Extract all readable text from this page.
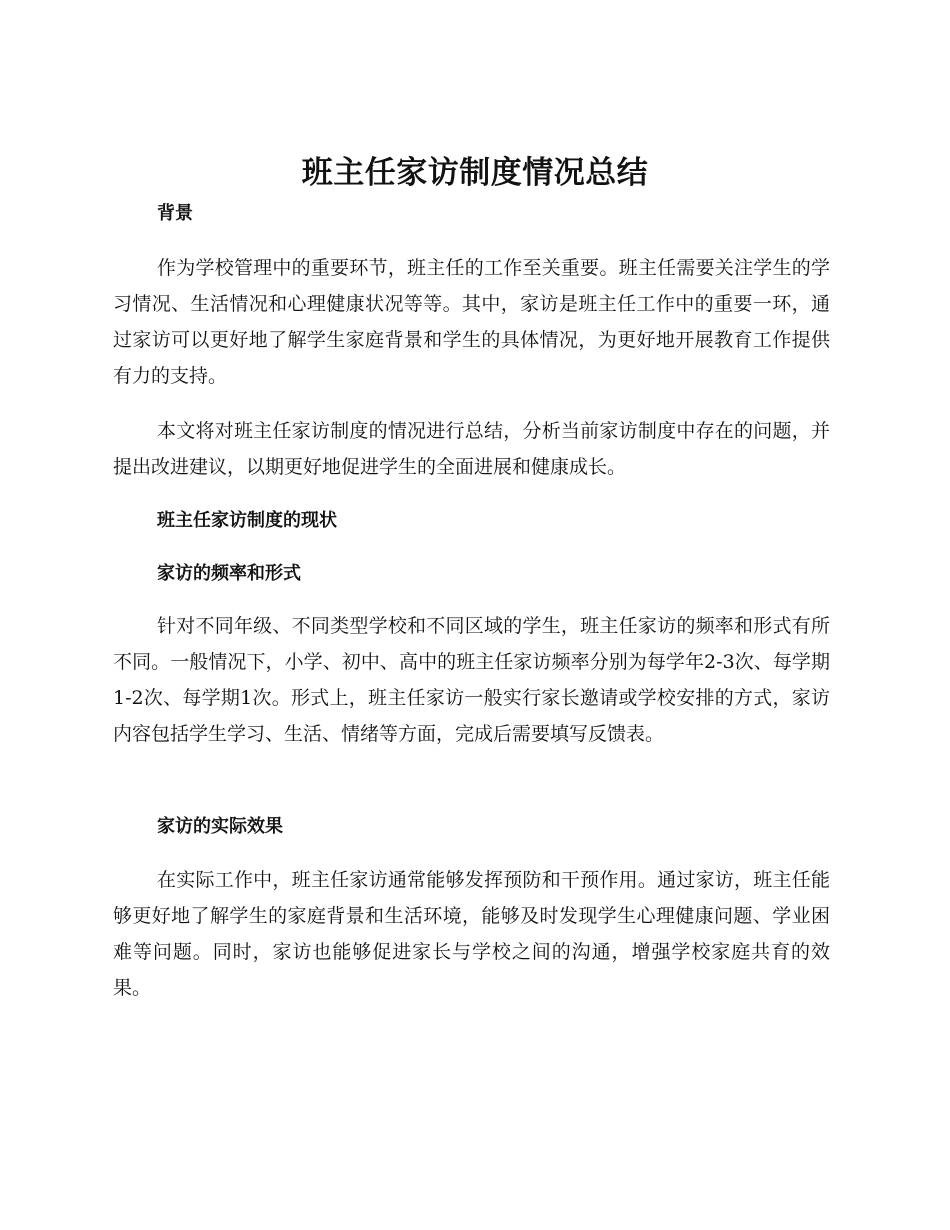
班主任家访制度情况总结
背景

作为学校管理中的重要环节，班主任的工作至关重要。班主任需要关注学生的学习情况、生活情况和心理健康状况等等。其中，家访是班主任工作中的重要一环，通过家访可以更好地了解学生家庭背景和学生的具体情况，为更好地开展教育工作提供有力的支持。

本文将对班主任家访制度的情况进行总结，分析当前家访制度中存在的问题，并提出改进建议，以期更好地促进学生的全面进展和健康成长。

班主任家访制度的现状
家访的频率和形式

针对不同年级、不同类型学校和不同区域的学生，班主任家访的频率和形式有所不同。一般情况下，小学、初中、高中的班主任家访频率分别为每学年2-3次、每学期1-2次、每学期1次。形式上，班主任家访一般实行家长邀请或学校安排的方式，家访内容包括学生学习、生活、情绪等方面，完成后需要填写反馈表。

家访的实际效果

在实际工作中，班主任家访通常能够发挥预防和干预作用。通过家访，班主任能够更好地了解学生的家庭背景和生活环境，能够及时发现学生心理健康问题、学业困难等问题。同时，家访也能够促进家长与学校之间的沟通，增强学校家庭共育的效果。
